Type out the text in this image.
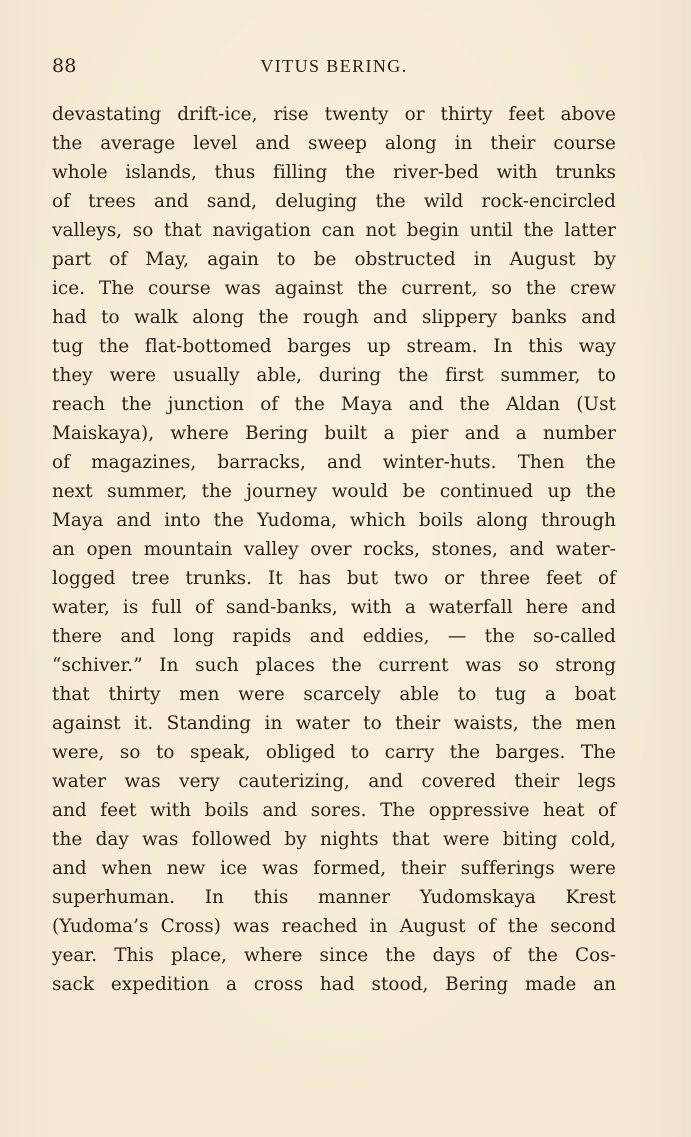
88	VITUS BERING.
devastating drift-ice, rise twenty or thirty feet above
the average level and sweep along in their course
whole islands, thus filling the river-bed with trunks
of trees and sand, deluging the wild rock-encircled
valleys, so that navigation can not begin until the latter
part of May, again to be obstructed in August by
ice. The course was against the current, so the crew
had to walk along the rough and slippery banks and
tug the flat-bottomed barges up stream. In this way
they were usually able, during the first summer, to
reach the junction of the Maya and the Aldan (Ust
Maiskaya), where Bering built a pier and a number
of magazines, barracks, and winter-huts. Then the
next summer, the journey would be continued up the
Maya and into the Yudoma, which boils along through
an open mountain valley over rocks, stones, and water-
logged tree trunks. It has but two or three feet of
water, is full of sand-banks, with a waterfall here and
there and long rapids and eddies, — the so-called
“schiver.” In such places the current was so strong
that thirty men were scarcely able to tug a boat
against it. Standing in water to their waists, the men
were, so to speak, obliged to carry the barges. The
water was very cauterizing, and covered their legs
and feet with boils and sores. The oppressive heat of
the day was followed by nights that were biting cold,
and when new ice was formed, their sufferings were
superhuman. In this manner Yudomskaya Krest
(Yudoma’s Cross) was reached in August of the second
year. This place, where since the days of the Cos-
sack expedition a cross had stood, Bering made an
